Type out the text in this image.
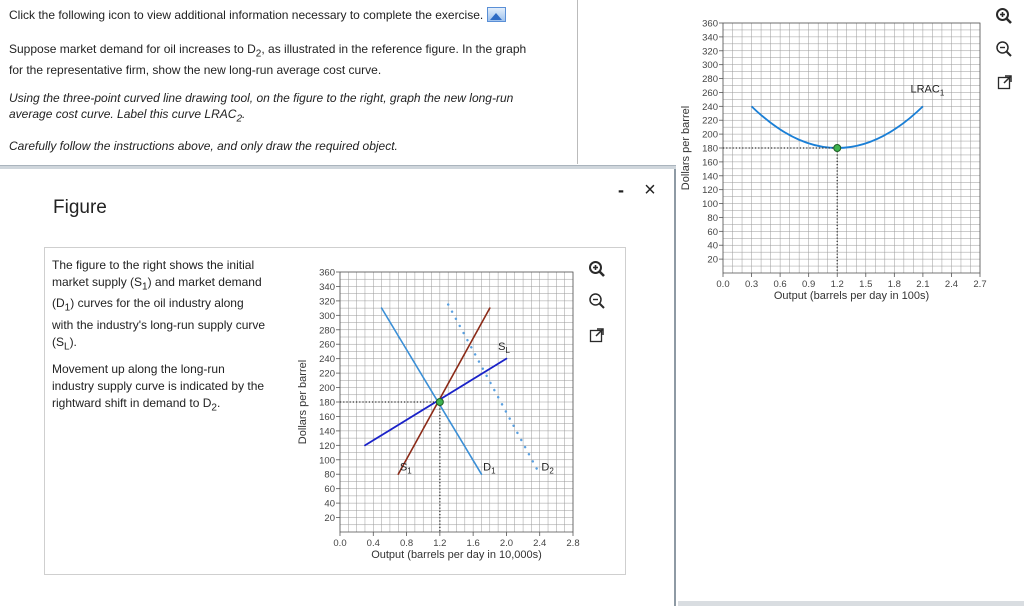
Click the following icon to view additional information necessary to complete the exercise.

Suppose market demand for oil increases to $D_2$, as illustrated in the reference figure. In the graph

for the representative firm, show the new long-run average cost curve.

Using the three-point curved line drawing tool, on the figure to the right, graph the new long-run

average cost curve. Label this curve $LRAC_2$.

Carefully follow the instructions above, and only draw the required object.

Figure
- ×
The figure to the right shows the initial market supply $(S_1)$ and market demand $(D_1)$ curves for the oil industry along with the industry's long-run supply curve $(S_L)$.
Movement up along the long-run industry supply curve is indicated by the rightward shift in demand to $D_2$.
20
40
60
80
100
120
140
160
180
200
220
240
260
280
300
320
340
360
0.0 0.4 0.8 1.2 1.6 2.0 2.4 2.8
Output (barrels per day in 10,000s)
Dollars per barrel
$S_1$	$D_1$
$S_L$
$D_2$
20
40
60
80
100
120
140
160
180
200
220
240
260
280
300
320
340
360
0.0 0.3 0.6 0.9 1.2 1.5 1.8 2.1 2.4 2.7
Output (barrels per day in 100s)
Dollars per barrel
$LRAC_1$
